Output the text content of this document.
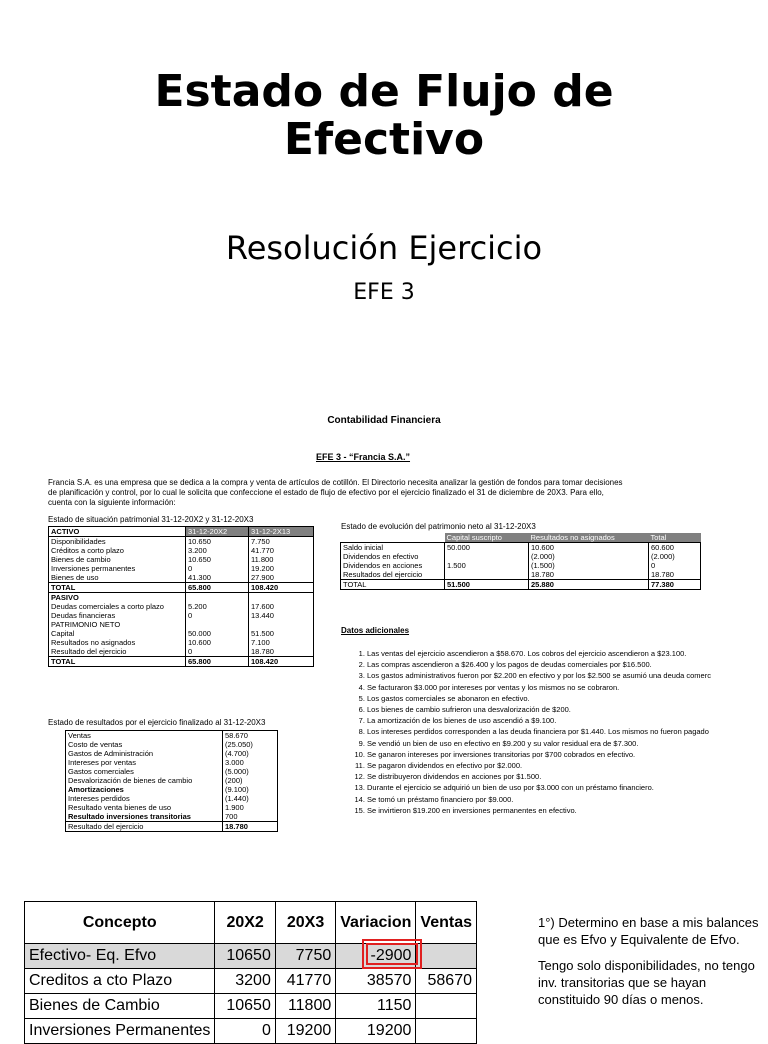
Estado de Flujo de
Efectivo
Resolución Ejercicio
EFE 3
Contabilidad Financiera
EFE 3 - “Francia S.A.”
Francia S.A. es una empresa que se dedica a la compra y venta de artículos de cotillón. El Directorio necesita analizar la gestión de fondos para tomar decisiones
de planificación y control, por lo cual le solicita que confeccione el estado de flujo de efectivo por el ejercicio finalizado el 31 de diciembre de 20X3. Para ello,
cuenta con la siguiente información:
Estado de situación patrimonial 31-12-20X2 y 31-12-20X3
ACTIVO	31-12-20X2	31-12-2X13
Disponibilidades	10.650	7.750
Créditos a corto plazo	3.200	41.770
Bienes de cambio	10.650	11.800
Inversiones permanentes	0	19.200
Bienes de uso	41.300	27.900
TOTAL	65.800	108.420
PASIVO		
Deudas comerciales a corto plazo	5.200	17.600
Deudas financieras	0	13.440
PATRIMONIO NETO		
Capital	50.000	51.500
Resultados no asignados	10.600	7.100
Resultado del ejercicio	0	18.780
TOTAL	65.800	108.420
Estado de evolución del patrimonio neto al 31-12-20X3
	Capital suscripto	Resultados no asignados	Total
Saldo inicial	50.000	10.600	60.600
Dividendos en efectivo		(2.000)	(2.000)
Dividendos en acciones	1.500	(1.500)	0
Resultados del ejercicio		18.780	18.780
TOTAL	51.500	25.880	77.380
Datos adicionales
1. Las ventas del ejercicio ascendieron a $58.670. Los cobros del ejercicio ascendieron a $23.100.
2. Las compras ascendieron a $26.400 y los pagos de deudas comerciales por $16.500.
3. Los gastos administrativos fueron por $2.200 en efectivo y por los $2.500 se asumió una deuda comerc
4. Se facturaron $3.000 por intereses por ventas y los mismos no se cobraron.
5. Los gastos comerciales se abonaron en efectivo.
6. Los bienes de cambio sufrieron una desvalorización de $200.
7. La amortización de los bienes de uso ascendió a $9.100.
8. Los intereses perdidos corresponden a las deuda financiera por $1.440. Los mismos no fueron pagado
9. Se vendió un bien de uso en efectivo en $9.200 y su valor residual era de $7.300.
10. Se ganaron intereses por inversiones transitorias por $700 cobrados en efectivo.
11. Se pagaron dividendos en efectivo por $2.000.
12. Se distribuyeron dividendos en acciones por $1.500.
13. Durante el ejercicio se adquirió un bien de uso por $3.000 con un préstamo financiero.
14. Se tomó un préstamo financiero por $9.000.
15. Se invirtieron $19.200 en inversiones permanentes en efectivo.
Estado de resultados por el ejercicio finalizado al 31-12-20X3
Ventas	58.670
Costo de ventas	(25.050)
Gastos de Administración	(4.700)
Intereses por ventas	3.000
Gastos comerciales	(5.000)
Desvalorización de bienes de cambio	(200)
Amortizaciones	(9.100)
Intereses perdidos	(1.440)
Resultado venta bienes de uso	1.900
Resultado inversiones transitorias	700
Resultado del ejercicio	18.780
Concepto	20X2	20X3	Variacion	Ventas
Efectivo- Eq. Efvo	10650	7750	-2900	
Creditos a cto Plazo	3200	41770	38570	58670
Bienes de Cambio	10650	11800	1150	
Inversiones Permanentes	0	19200	19200	
1°) Determino en base a mis balances
que es Efvo y Equivalente de Efvo.
Tengo solo disponibilidades, no tengo
inv. transitorias que se hayan
constituido 90 días o menos.
